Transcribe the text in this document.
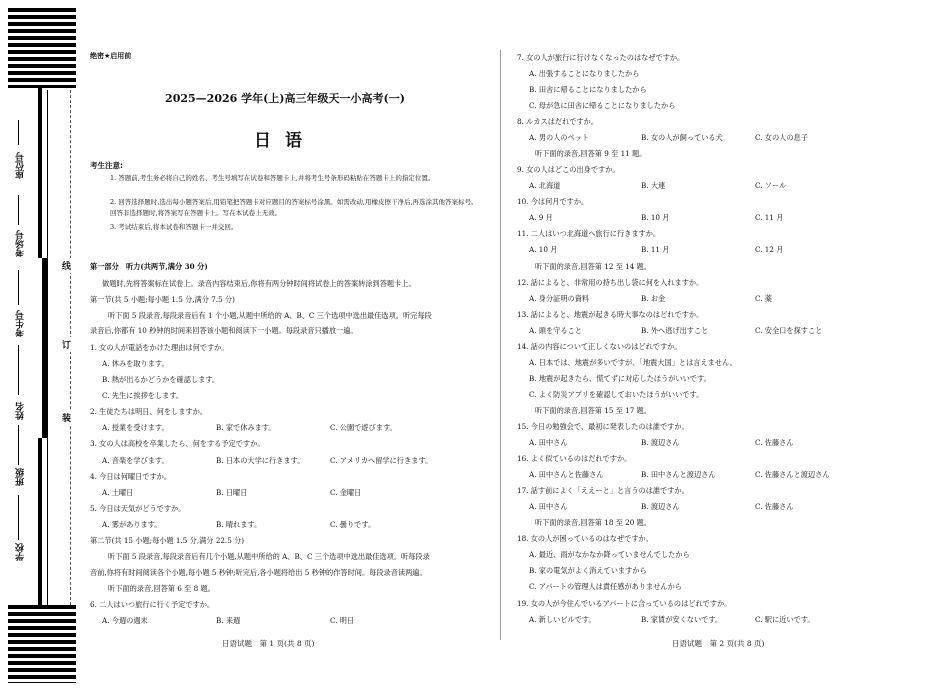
座位号
考场号
考生号
姓名
班级
学校
线
订
装
绝密★启用前
2025—2026 学年(上)高三年级天一小高考(一)
日语
考生注意:
1. 答题前,考生务必将自己的姓名、考生号填写在试卷和答题卡上,并将考生号条形码粘贴在答题卡上的指定位置。
2. 回答选择题时,选出每小题答案后,用铅笔把答题卡对应题目的答案标号涂黑。如需改动,用橡皮擦干净后,再选涂其他答案标号。回答非选择题时,将答案写在答题卡上。写在本试卷上无效。
3. 考试结束后,将本试卷和答题卡一并交回。
第一部分　听力(共两节,满分 30 分)
做题时,先将答案标在试卷上。录音内容结束后,你将有两分钟时间将试卷上的答案转涂到答题卡上。
第一节(共 5 小题;每小题 1.5 分,满分 7.5 分)
听下面 5 段录音,每段录音后有 1 个小题,从题中所给的 A、B、C 三个选项中选出最佳选项。听完每段
录音后,你都有 10 秒钟的时间来回答该小题和阅读下一小题。每段录音只播放一遍。
1. 女の人が電話をかけた理由は何ですか。
A. 休みを取ります。
B. 熱が出るかどうかを確認します。
C. 先生に挨拶をします。
2. 生徒たちは明日、何をしますか。
A. 授業を受けます。	B. 家で休みます。	C. 公園で遊びます。
3. 女の人は高校を卒業したら、何をする予定ですか。
A. 音楽を学びます。	B. 日本の大学に行きます。	C. アメリカへ留学に行きます。
4. 今日は何曜日ですか。
A. 土曜日	B. 日曜日	C. 金曜日
5. 今日は天気がどうですか。
A. 雾があります。	B. 晴れます。	C. 曇りです。
第二节(共 15 小题;每小题 1.5 分,满分 22.5 分)
听下面 5 段录音,每段录音后有几个小题,从题中所给的 A、B、C 三个选项中选出最佳选项。听每段录
音前,你将有时间阅读各个小题,每小题 5 秒钟;听完后,各小题将给出 5 秒钟的作答时间。每段录音读两遍。
听下面的录音,回答第 6 至 8 题。
6. 二人はいつ旅行に行く予定ですか。
A. 今週の週末	B. 来週	C. 明日
7. 女の人が旅行に行けなくなったのはなぜですか。
A. 出張することになりましたから
B. 田舎に帰ることになりましたから
C. 母が急に田舎に帰ることになりましたから
8. ルカスはだれですか。
A. 男の人のペット	B. 女の人が飼っている犬	C. 女の人の息子
听下面的录音,回答第 9 至 11 题。
9. 女の人はどこの出身ですか。
A. 北海道	B. 大連	C. ソール
10. 今は何月ですか。
A. 9 月	B. 10 月	C. 11 月
11. 二人はいつ北海道へ旅行に行きますか。
A. 10 月	B. 11 月	C. 12 月
听下面的录音,回答第 12 至 14 题。
12. 話によると、非常用の持ち出し袋に何を入れますか。
A. 身分証明の資料	B. お金	C. 薬
13. 話によると、地震が起きる時大事なのはどれですか。
A. 頭を守ること	B. 外へ逃げ出すこと	C. 安全口を探すこと
14. 話の内容について正しくないのはどれですか。
A. 日本では、地震が多いですが、「地震大国」とは言えません。
B. 地震が起きたら、慌てずに対応したほうがいいです。
C. よく防災アプリを確認しておいたほうがいいです。
听下面的录音,回答第 15 至 17 题。
15. 今日の勉強会で、最初に発表したのは誰ですか。
A. 田中さん	B. 渡辺さん	C. 佐藤さん
16. よく似ているのはだれですか。
A. 田中さんと佐藤さん	B. 田中さんと渡辺さん	C. 佐藤さんと渡辺さん
17. 話す前によく「ええーと」と言うのは誰ですか。
A. 田中さん	B. 渡辺さん	C. 佐藤さん
听下面的录音,回答第 18 至 20 题。
18. 女の人が困っているのはなぜですか。
A. 最近、雨がなかなか降っていませんでしたから
B. 家の電気がよく消えていますから
C. アパートの管理人は責任感がありませんから
19. 女の人が今住んでいるアパートに合っているのはどれですか。
A. 新しいビルです。	B. 家賃が安くないです。	C. 駅に近いです。
日语试题　第 1 页(共 8 页)	日语试题　第 2 页(共 8 页)
